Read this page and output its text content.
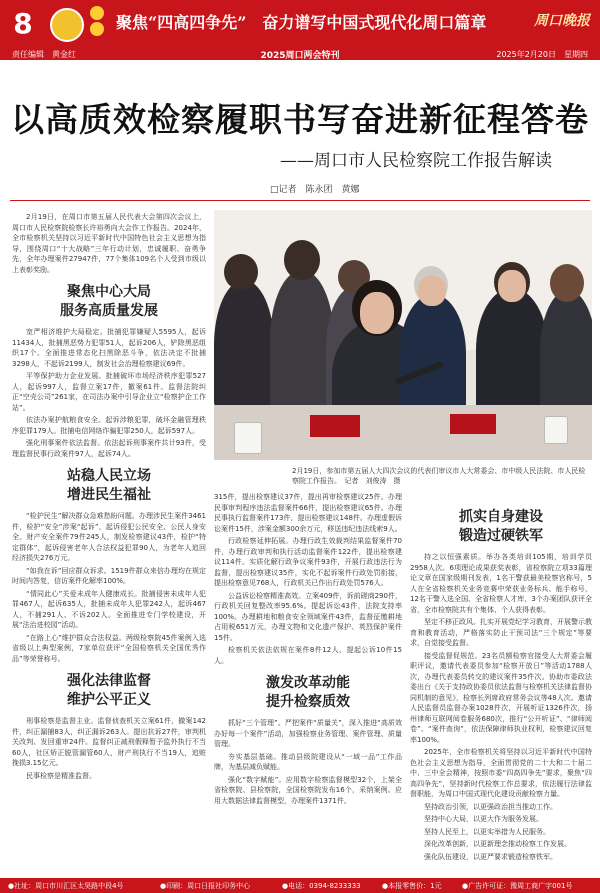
8	聚焦“四高四争先”　奋力谱写中国式现代化周口篇章	周口晚报
责任编辑　黄金红	2025周口两会特刊	2025年2月20日　星期四
以高质效检察履职书写奋进新征程答卷
——周口市人民检察院工作报告解读
□记者　陈永团　黄娜

2月19日，在周口市第五届人民代表大会第四次会议上，周口市人民检察院检察长许裕勇向大会作工作报告。2024年，全市检察机关坚持以习近平新时代中国特色社会主义思想为指导，围绕周口“十大战略”三年行动计划，忠诚履职、奋勇争先，全年办理案件27947件，77个集体109名个人受到市级以上表彰奖励。

聚焦中心大局
服务高质量发展

宽严相济维护大局稳定。批捕犯罪嫌疑人5595人，起诉11434人，批捕黑恶势力犯罪51人，起诉206人，铲除黑恶组织17个。全面推进常态化扫黑除恶斗争，依法决定不批捕3298人，不起诉2199人，制发社会治理检察建议69件。

平等保护助力企业发展。批捕破坏市场经济秩序犯罪527人，起诉997人，监督立案17件，撤案61件。监督法院纠正“空壳公司”261家，在司法办案中引导企业立“检察护企工作站”。

依法办案护航粮食安全。起诉涉粮犯罪，破坏金融管理秩序犯罪179人。批捕电信网络诈骗犯罪250人，起诉597人。

强化刑事案件依法监督。依法起诉刑事案件共计93件，受理监督民事行政案件97人，起诉74人。

站稳人民立场
增进民生福祉

“检护民生”解决群众急难愁盼问题。办理涉民生案件3461件，检护“安全”涉案“起诉”，起诉侵犯公民安全、公民人身安全、财产安全案件79件245人，制发检察建议43件，检护“特定群体”，起诉侵害老年人合法权益犯罪90人，为老年人追回经济损失276万元。

“如我在诉”回应群众诉求。1519件群众来信办理均在规定时间内答复，信访案件化解率100%。

“情同此心”关爱未成年人健康成长。批捕侵害未成年人犯罪467人，起诉635人，批捕未成年人犯罪242人，起诉467人，不捕291人、不诉202人。全面推进专门学校建设，开展“法治进校园”活动。

“在路上心”维护群众合法权益。两级检察院45件案例入选省级以上典型案例，7家单位获评“全国检察机关全国优秀作品”等荣誉称号。

强化法律监督
维护公平正义

刑事检察是监督主业。监督侦查机关立案61件，撤案142件，纠正漏捕83人，纠正漏诉263人。提出抗诉27件，审判机关改判、发回重审24件。监督纠正减刑假释暂予监外执行不当60人，社区矫正脱管漏管60人，财产刑执行不当19人，追赃挽损3.15亿元。

民事检察是精准监督。

2月19日，参加市第五届人大四次会议的代表们审议市人大常委会、市中级人民法院、市人民检察院工作报告。　记者　刘俊涛　摄

315件，提出检察建议37件，提出再审检察建议25件。办理民事审判程序违法监督案件66件，提出检察建议65件。办理民事执行监督案件173件，提出检察建议148件。办理虚假诉讼案件15件，涉案金额300余万元，移送违纪违法线索9人。

行政检察延伸拓展。办理行政生效裁判结果监督案件70件，办理行政审判和执行活动监督案件122件，提出检察建议114件。实质化解行政争议案件93件，开展行政违法行为监督，提出检察建议35件，实化不起诉案件行政处罚衔接，提出检察意见768人，行政机关已作出行政处罚576人。

公益诉讼检察精准高效。立案409件，诉前磋商290件，行政机关回复整改率95.6%。提起诉讼43件，法院支持率100%。办理耕地和粮食安全领域案件43件，监督征缴耕地占用税651万元，办理文物和文化遗产保护、英烈保护案件15件。

检察机关依法依规在案件8件12人，提起公诉10件15人。

激发改革动能
提升检察质效

抓好“三个管理”。严把案件“质量关”，深入推进“高质效办好每一个案件”活动，加强检察业务管理、案件管理、质量管理。

夯实基层基础。推动县级院建设从“一域一品”工作品牌，为基层减负赋能。

强化“数字赋能”。应用数字检察监督模型32个，上架全省检察院、县检察院，全国检察院发布16个，采纳案例。应用大数据法律监督模型，办理案件1371件。

抓实自身建设
锻造过硬铁军

持之以恒强素质。举办各类培训105期，培训学员2958人次。6项理论成果获奖表彰，省检察院立项33篇理论文章在国家级期刊发表，1名干警获最美检察官称号，5人在全省检察机关业务竞赛中荣获业务标兵、能手称号，12名干警入选全国、全省检察人才库，3个办案团队获评全省，全市检察院共有个集体、个人获得表彰。

坚定不移正政风。扎实开展党纪学习教育，开展警示教育和教育活动，严格落实防止干预司法“三个规定”等要求，自觉接受监督。

接受监督促规范。23名员额检察官接受人大常委会履职评议，邀请代表委员参加“检察开放日”等活动1788人次，办理代表委员转交的建议案件35件次。协助市委政法委出台《关于支持政协委员依法监督与检察机关法律监督协同机制的意见》，检察长列席政府常务会议等48人次。邀请人民监督员监督办案1028件次，开展听证1326件次，扬州律师互联网阅卷服务680次，推行“公开听证”、“律师阅卷”、“案件查询”，依法保障律师执业权利，检察建议回复率100%。

2025年，全市检察机关将坚持以习近平新时代中国特色社会主义思想为指导，全面贯彻党的二十大和二十届二中、三中全会精神，按照市委“四高四争先”要求，聚焦“四高四争先”，坚持新时代检察工作总要求，依法履行法律监督职能，为周口中国式现代化建设贡献检察力量。

坚持政治引领，以更强政治担当推动工作。

坚持中心大局，以更大作为服务发展。

坚持人民至上，以更实举措为人民服务。

深化改革创新，以更新理念推动检察工作发展。

强化队伍建设，以更严要求锻造检察铁军。

●社址：周口市川汇区太昊路中段4号	●印刷：周口日报社印务中心	●电话：0394-8233333	●本报零售价：1元	●广告许可证：豫周工商广字001号
